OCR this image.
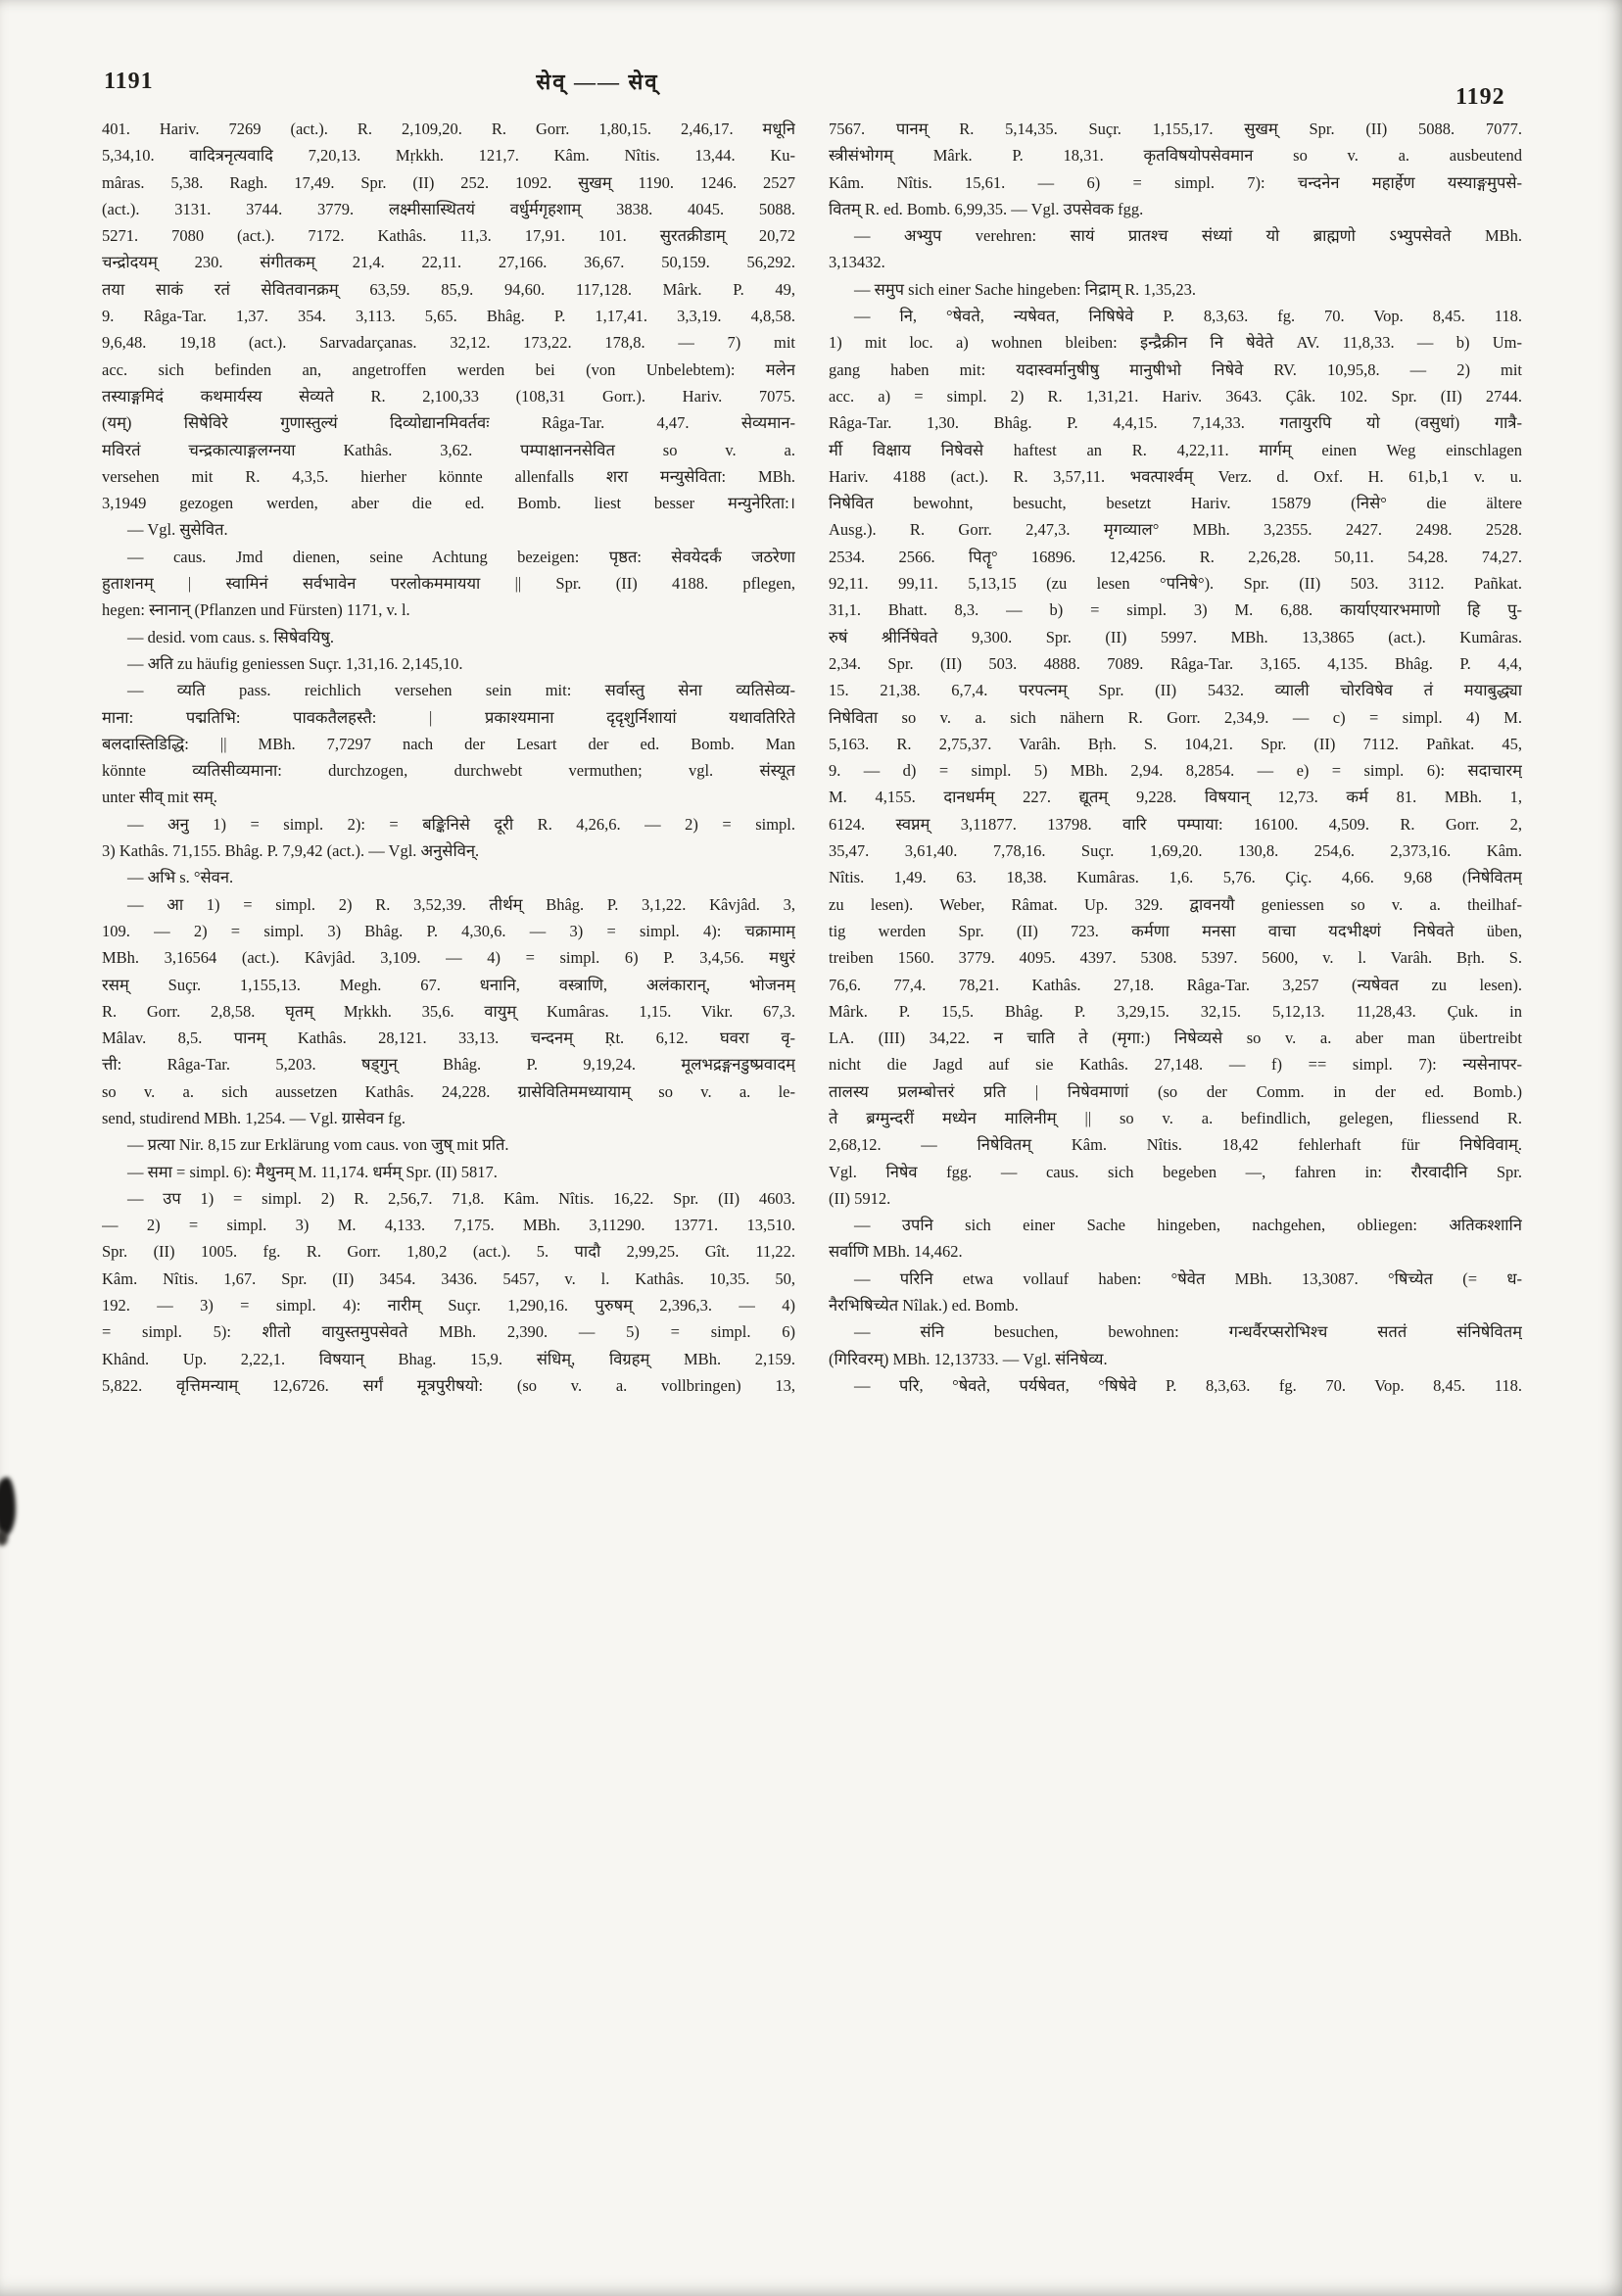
1191	सेव् —— सेव्
1192
401. Hariv. 7269 (act.). R. 2,109,20. R. Gorr. 1,80,15. 2,46,17. मधूनि
5,34,10. वादित्रनृत्यवादि 7,20,13. Mṛkkh. 121,7. Kâm. Nîtis. 13,44. Ku-
mâras. 5,38. Ragh. 17,49. Spr. (II) 252. 1092. सुखम् 1190. 1246. 2527
(act.). 3131. 3744. 3779. लक्ष्मीसास्थितयं वर्धुर्मगृहशाम् 3838. 4045. 5088.
5271. 7080 (act.). 7172. Kathâs. 11,3. 17,91. 101. सुरतक्रीडाम् 20,72
चन्द्रोदयम् 230. संगीतकम् 21,4. 22,11. 27,166. 36,67. 50,159. 56,292.
तया साकं रतं सेवितवानक्रम् 63,59. 85,9. 94,60. 117,128. Mârk. P. 49,
9. Râga-Tar. 1,37. 354. 3,113. 5,65. Bhâg. P. 1,17,41. 3,3,19. 4,8,58.
9,6,48. 19,18 (act.). Sarvadarçanas. 32,12. 173,22. 178,8. — 7) mit
acc. sich befinden an, angetroffen werden bei (von Unbelebtem): मलेन
तस्याङ्गमिदं कथमार्यस्य सेव्यते R. 2,100,33 (108,31 Gorr.). Hariv. 7075.
(यम्) सिषेविरे गुणास्तुल्यं दिव्योद्यानमिवर्तवः Râga-Tar. 4,47. सेव्यमान-
मविरतं चन्द्रकात्याङ्गलग्नया Kathâs. 3,62. पम्पाक्षाननसेवित so v. a.
versehen mit R. 4,3,5. hierher könnte allenfalls शरा मन्युसेविता: MBh.
3,1949 gezogen werden, aber die ed. Bomb. liest besser मन्युनेरिता:।
— Vgl. सुसेवित.
— caus. Jmd dienen, seine Achtung bezeigen: पृष्ठत: सेवयेदर्कं जठरेणा
हुताशनम् | स्वामिनं सर्वभावेन परलोकममायया || Spr. (II) 4188. pflegen,
hegen: स्नानान् (Pflanzen und Fürsten) 1171, v. l.
— desid. vom caus. s. सिषेवयिषु.
— अति zu häufig geniessen Suçr. 1,31,16. 2,145,10.
— व्यति pass. reichlich versehen sein mit: सर्वास्तु सेना व्यतिसेव्य-
माना: पद्मतिभि: पावकतैलहस्तै: | प्रकाश्यमाना दृदृशुर्निशायां यथावतिरिते
बलदास्तिडिद्धि: || MBh. 7,7297 nach der Lesart der ed. Bomb. Man
könnte व्यतिसीव्यमाना: durchzogen, durchwebt vermuthen; vgl. संस्यूत
unter सीव् mit सम्.
— अनु 1) = simpl. 2): = बङ्किनिसे दूरी R. 4,26,6. — 2) = simpl.
3) Kathâs. 71,155. Bhâg. P. 7,9,42 (act.). — Vgl. अनुसेविन्.
— अभि s. °सेवन.
— आ 1) = simpl. 2) R. 3,52,39. तीर्थम् Bhâg. P. 3,1,22. Kâvjâd. 3,
109. — 2) = simpl. 3) Bhâg. P. 4,30,6. — 3) = simpl. 4): चक्रामाम्
MBh. 3,16564 (act.). Kâvjâd. 3,109. — 4) = simpl. 6) P. 3,4,56. मधुरं
रसम् Suçr. 1,155,13. Megh. 67. धनानि, वस्त्राणि, अलंकारान्, भोजनम्
R. Gorr. 2,8,58. घृतम् Mṛkkh. 35,6. वायुम् Kumâras. 1,15. Vikr. 67,3.
Mâlav. 8,5. पानम् Kathâs. 28,121. 33,13. चन्दनम् Ṛt. 6,12. घवरा वृ-
त्ती: Râga-Tar. 5,203. षड्गुन् Bhâg. P. 9,19,24. मूलभद्रङ्गनडुष्प्रवादम्
so v. a. sich aussetzen Kathâs. 24,228. ग्रासेवितिममध्यायाम् so v. a. le-
send, studirend MBh. 1,254. — Vgl. ग्रासेवन fg.
— प्रत्या Nir. 8,15 zur Erklärung vom caus. von जुष् mit प्रति.
— समा = simpl. 6): मैथुनम् M. 11,174. धर्मम् Spr. (II) 5817.
— उप 1) = simpl. 2) R. 2,56,7. 71,8. Kâm. Nîtis. 16,22. Spr. (II) 4603.
— 2) = simpl. 3) M. 4,133. 7,175. MBh. 3,11290. 13771. 13,510.
Spr. (II) 1005. fg. R. Gorr. 1,80,2 (act.). 5. पादौ 2,99,25. Gît. 11,22.
Kâm. Nîtis. 1,67. Spr. (II) 3454. 3436. 5457, v. l. Kathâs. 10,35. 50,
192. — 3) = simpl. 4): नारीम् Suçr. 1,290,16. पुरुषम् 2,396,3. — 4)
= simpl. 5): शीतो वायुस्तमुपसेवते MBh. 2,390. — 5) = simpl. 6)
Khând. Up. 2,22,1. विषयान् Bhag. 15,9. संधिम्, विग्रहम् MBh. 2,159.
5,822. वृत्तिमन्याम् 12,6726. सर्गं मूत्रपुरीषयो: (so v. a. vollbringen) 13,
7567. पानम् R. 5,14,35. Suçr. 1,155,17. सुखम् Spr. (II) 5088. 7077.
स्त्रीसंभोगम् Mârk. P. 18,31. कृतविषयोपसेवमान so v. a. ausbeutend
Kâm. Nîtis. 15,61. — 6) = simpl. 7): चन्दनेन महार्हेण यस्याङ्गमुपसे-
वितम् R. ed. Bomb. 6,99,35. — Vgl. उपसेवक fgg.
— अभ्युप verehren: सायं प्रातश्च संध्यां यो ब्राह्मणो ऽभ्युपसेवते MBh.
3,13432.
— समुप sich einer Sache hingeben: निद्राम् R. 1,35,23.
— नि, °षेवते, न्यषेवत, निषिषेवे P. 8,3,63. fg. 70. Vop. 8,45. 118.
1) mit loc. a) wohnen bleiben: इन्द्रैक्रीन नि षेवेते AV. 11,8,33. — b) Um-
gang haben mit: यदास्वर्मानुषीषु मानुषीभो निषेवे RV. 10,95,8. — 2) mit
acc. a) = simpl. 2) R. 1,31,21. Hariv. 3643. Çâk. 102. Spr. (II) 2744.
Râga-Tar. 1,30. Bhâg. P. 4,4,15. 7,14,33. गतायुरपि यो (वसुधां) गात्रै-
र्मी विक्षाय निषेवसे haftest an R. 4,22,11. मार्गम् einen Weg einschlagen
Hariv. 4188 (act.). R. 3,57,11. भवत्पार्श्वम् Verz. d. Oxf. H. 61,b,1 v. u.
निषेवित bewohnt, besucht, besetzt Hariv. 15879 (निसे° die ältere
Ausg.). R. Gorr. 2,47,3. मृगव्याल° MBh. 3,2355. 2427. 2498. 2528.
2534. 2566. पितॄ° 16896. 12,4256. R. 2,26,28. 50,11. 54,28. 74,27.
92,11. 99,11. 5,13,15 (zu lesen °पनिषे°). Spr. (II) 503. 3112. Pañkat.
31,1. Bhatt. 8,3. — b) = simpl. 3) M. 6,88. कार्याएयारभमाणो हि पु-
रुषं श्रीर्निषेवते 9,300. Spr. (II) 5997. MBh. 13,3865 (act.). Kumâras.
2,34. Spr. (II) 503. 4888. 7089. Râga-Tar. 3,165. 4,135. Bhâg. P. 4,4,
15. 21,38. 6,7,4. परपत्नम् Spr. (II) 5432. व्याली चोरविषेव तं मयाबुद्ध्या
निषेविता so v. a. sich nähern R. Gorr. 2,34,9. — c) = simpl. 4) M.
5,163. R. 2,75,37. Varâh. Bṛh. S. 104,21. Spr. (II) 7112. Pañkat. 45,
9. — d) = simpl. 5) MBh. 2,94. 8,2854. — e) = simpl. 6): सदाचारम्
M. 4,155. दानधर्मम् 227. द्यूतम् 9,228. विषयान् 12,73. कर्म 81. MBh. 1,
6124. स्वप्नम् 3,11877. 13798. वारि पम्पाया: 16100. 4,509. R. Gorr. 2,
35,47. 3,61,40. 7,78,16. Suçr. 1,69,20. 130,8. 254,6. 2,373,16. Kâm.
Nîtis. 1,49. 63. 18,38. Kumâras. 1,6. 5,76. Çiç. 4,66. 9,68 (निषेवितम्
zu lesen). Weber, Râmat. Up. 329. द्वावनयौ geniessen so v. a. theilhaf-
tig werden Spr. (II) 723. कर्मणा मनसा वाचा यदभीक्ष्णं निषेवते üben,
treiben 1560. 3779. 4095. 4397. 5308. 5397. 5600, v. l. Varâh. Bṛh. S.
76,6. 77,4. 78,21. Kathâs. 27,18. Râga-Tar. 3,257 (न्यषेवत zu lesen).
Mârk. P. 15,5. Bhâg. P. 3,29,15. 32,15. 5,12,13. 11,28,43. Çuk. in
LA. (III) 34,22. न चाति ते (मृगा:) निषेव्यसे so v. a. aber man übertreibt
nicht die Jagd auf sie Kathâs. 27,148. — f) == simpl. 7): न्यसेनापर-
तालस्य प्रलम्बोत्तरं प्रति | निषेवमाणां (so der Comm. in der ed. Bomb.)
ते ब्रग्मुन्दरीं मध्येन मालिनीम् || so v. a. befindlich, gelegen, fliessend R.
2,68,12. — निषेवितम् Kâm. Nîtis. 18,42 fehlerhaft für निषेविवाम्.
Vgl. निषेव fgg. — caus. sich begeben —, fahren in: रौरवादीनि Spr.
(II) 5912.
— उपनि sich einer Sache hingeben, nachgehen, obliegen: अतिकश्शानि
सर्वाणि MBh. 14,462.
— परिनि etwa vollauf haben: °षेवेत MBh. 13,3087. °षिच्येत (= ध-
नैरभिषिच्येत Nîlak.) ed. Bomb.
— संनि besuchen, bewohnen: गन्धर्वैरप्सरोभिश्च सततं संनिषेवितम्
(गिरिवरम्) MBh. 12,13733. — Vgl. संनिषेव्य.
— परि, °षेवते, पर्यषेवत, °षिषेवे P. 8,3,63. fg. 70. Vop. 8,45. 118.
